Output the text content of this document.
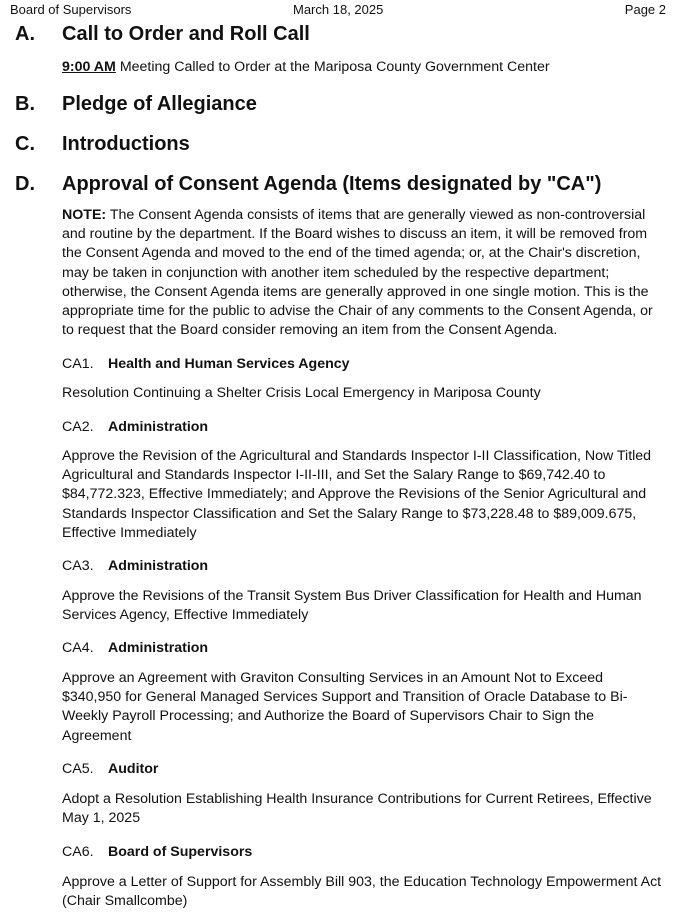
Board of Supervisors	March 18, 2025	Page 2
A. Call to Order and Roll Call

9:00 AM Meeting Called to Order at the Mariposa County Government Center

B. Pledge of Allegiance
C. Introductions
D. Approval of Consent Agenda (Items designated by "CA")

NOTE: The Consent Agenda consists of items that are generally viewed as non-controversial and routine by the department. If the Board wishes to discuss an item, it will be removed from the Consent Agenda and moved to the end of the timed agenda; or, at the Chair's discretion, may be taken in conjunction with another item scheduled by the respective department; otherwise, the Consent Agenda items are generally approved in one single motion. This is the appropriate time for the public to advise the Chair of any comments to the Consent Agenda, or to request that the Board consider removing an item from the Consent Agenda.

CA1. Health and Human Services Agency

Resolution Continuing a Shelter Crisis Local Emergency in Mariposa County

CA2. Administration

Approve the Revision of the Agricultural and Standards Inspector I-II Classification, Now Titled Agricultural and Standards Inspector I-II-III, and Set the Salary Range to $69,742.40 to $84,772.323, Effective Immediately; and Approve the Revisions of the Senior Agricultural and Standards Inspector Classification and Set the Salary Range to $73,228.48 to $89,009.675, Effective Immediately

CA3. Administration

Approve the Revisions of the Transit System Bus Driver Classification for Health and Human Services Agency, Effective Immediately

CA4. Administration

Approve an Agreement with Graviton Consulting Services in an Amount Not to Exceed $340,950 for General Managed Services Support and Transition of Oracle Database to Bi-Weekly Payroll Processing; and Authorize the Board of Supervisors Chair to Sign the Agreement

CA5. Auditor

Adopt a Resolution Establishing Health Insurance Contributions for Current Retirees, Effective May 1, 2025

CA6. Board of Supervisors

Approve a Letter of Support for Assembly Bill 903, the Education Technology Empowerment Act (Chair Smallcombe)
